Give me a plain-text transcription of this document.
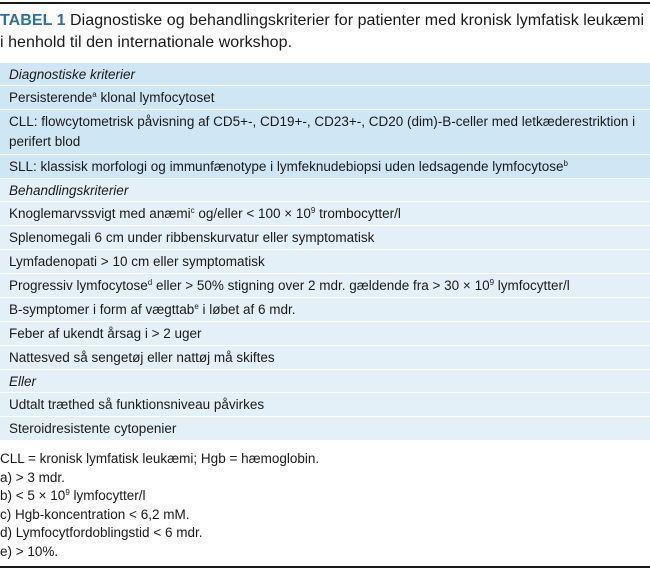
TABEL 1 Diagnostiske og behandlingskriterier for patienter med kronisk lymfatisk leukæmi i henhold til den internationale workshop.
Diagnostiske kriterier
Persisterende$^a$ klonal lymfocytoset
CLL: flowcytometrisk påvisning af CD5+-, CD19+-, CD23+-, CD20 (dim)-B-celler med letkæderestriktion i perifert blod
SLL: klassisk morfologi og immunfænotype i lymfeknudebiopsi uden ledsagende lymfocytose$^b$
Behandlingskriterier
Knoglemarvssvigt med anæmi$^c$ og/eller < $100 \times 10^9$ trombocytter/l
Splenomegali 6 cm under ribbenskurvatur eller symptomatisk
Lymfadenopati > 10 cm eller symptomatisk
Progressiv lymfocytose$^d$ eller > 50% stigning over 2 mdr. gældende fra > $30 \times 10^9$ lymfocytter/l
B-symptomer i form af vægttab$^e$ i løbet af 6 mdr.
Feber af ukendt årsag i > 2 uger
Nattesved så sengetøj eller nattøj må skiftes
Eller
Udtalt træthed så funktionsniveau påvirkes
Steroidresistente cytopenier
CLL = kronisk lymfatisk leukæmi; Hgb = hæmoglobin.
a) > 3 mdr.
$b) < 5 \times 10^9$ lymfocytter/l
c) Hgb-koncentration < 6,2 mM.
d) Lymfocytfordoblingstid < 6 mdr.
e) > 10%.
